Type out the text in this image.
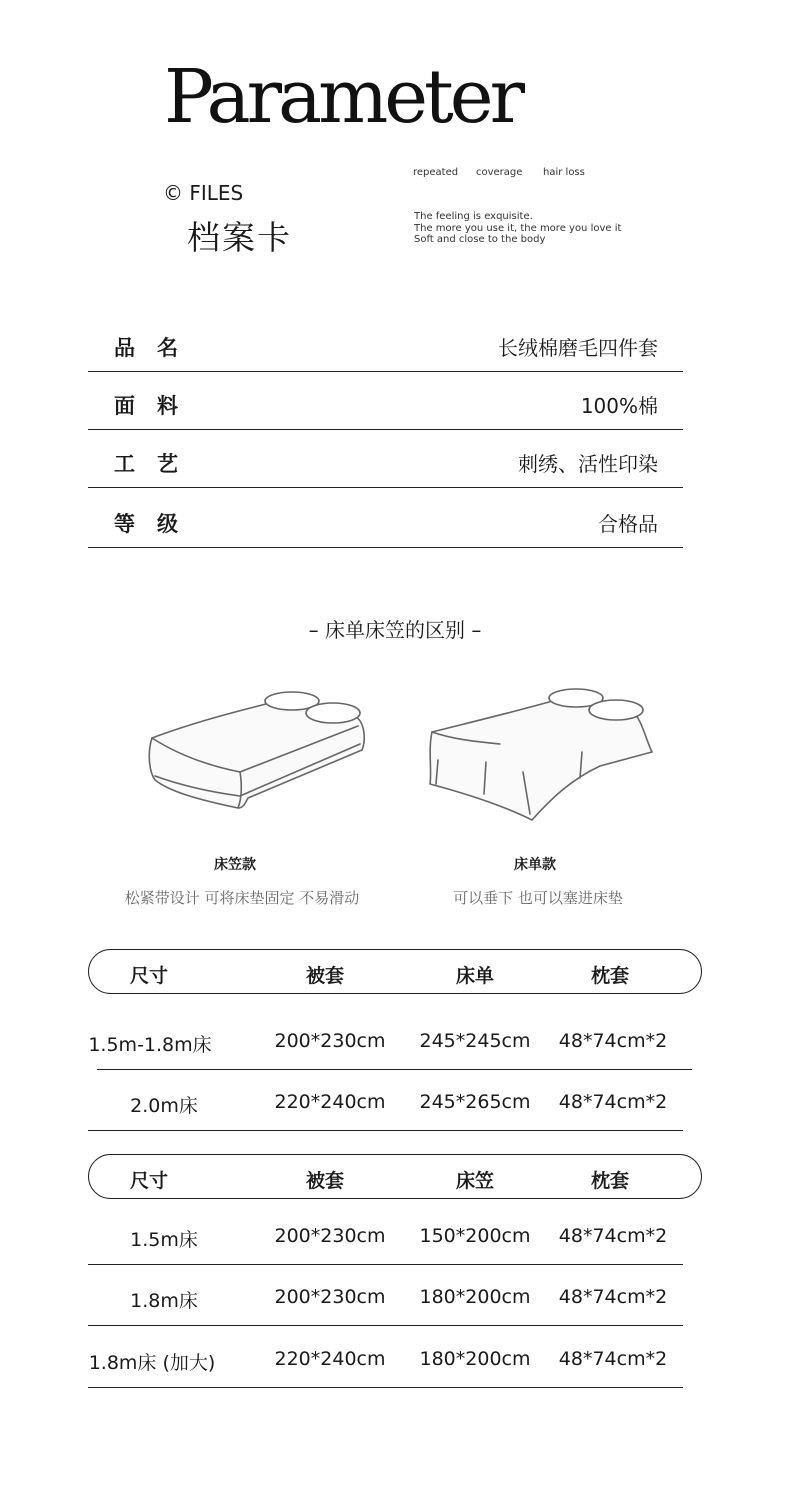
Parameter
© FILES
档案卡
repeated coverage hair loss
The feeling is exquisite.
The more you use it, the more you love it
Soft and close to the body
品名	长绒棉磨毛四件套
面料	100%棉
工艺	刺绣、活性印染
等级	合格品
– 床单床笠的区别 –
床笠款
松紧带设计 可将床垫固定 不易滑动
床单款
可以垂下 也可以塞进床垫
尺寸	被套	床单	枕套
1.5m-1.8m床	200*230cm	245*245cm	48*74cm*2
2.0m床	220*240cm	245*265cm	48*74cm*2
尺寸	被套	床笠	枕套
1.5m床	200*230cm	150*200cm	48*74cm*2
1.8m床	200*230cm	180*200cm	48*74cm*2
1.8m床 (加大)	220*240cm	180*200cm	48*74cm*2
